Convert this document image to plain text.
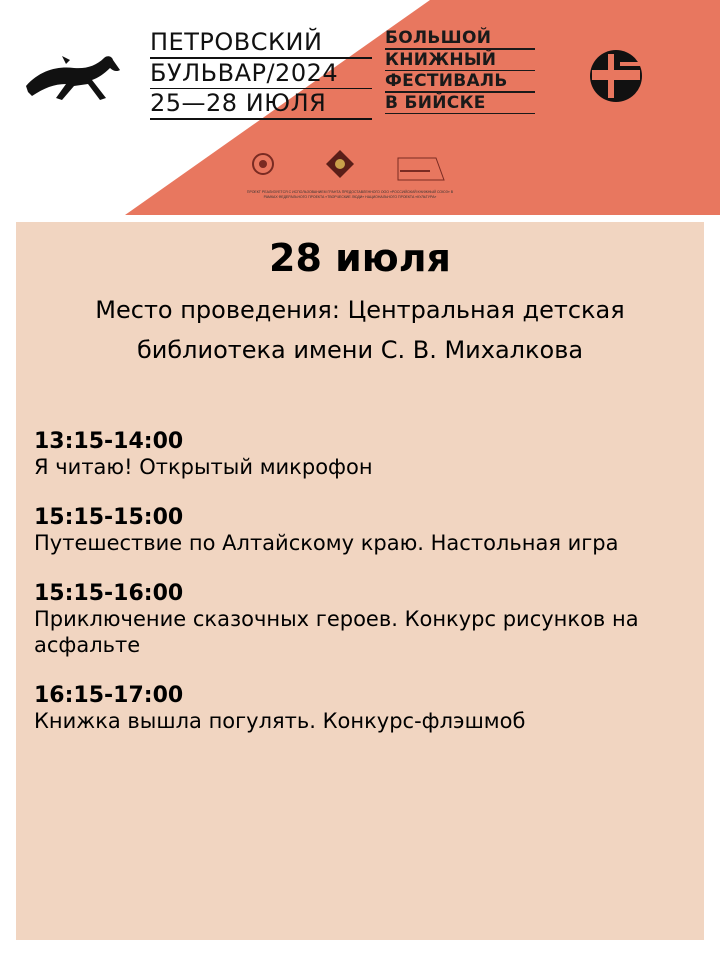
ПЕТРОВСКИЙ
БУЛЬВАР/2024
25—28 ИЮЛЯ
БОЛЬШОЙ
КНИЖНЫЙ
ФЕСТИВАЛЬ
В БИЙСКЕ
ПРОЕКТ РЕАЛИЗУЕТСЯ С ИСПОЛЬЗОВАНИЕМ ГРАНТА ПРЕДОСТАВЛЕННОГО ООО «РОССИЙСКИЙ КНИЖНЫЙ СОЮЗ» В РАМКАХ ФЕДЕРАЛЬНОГО ПРОЕКТА «ТВОРЧЕСКИЕ ЛЮДИ» НАЦИОНАЛЬНОГО ПРОЕКТА «КУЛЬТУРА»
28 июля
Место проведения: Центральная детская библиотека имени С. В. Михалкова
13:15-14:00
Я читаю! Открытый микрофон
15:15-15:00
Путешествие по Алтайскому краю. Настольная игра
15:15-16:00
Приключение сказочных героев. Конкурс рисунков на асфальте
16:15-17:00
Книжка вышла погулять. Конкурс-флэшмоб
